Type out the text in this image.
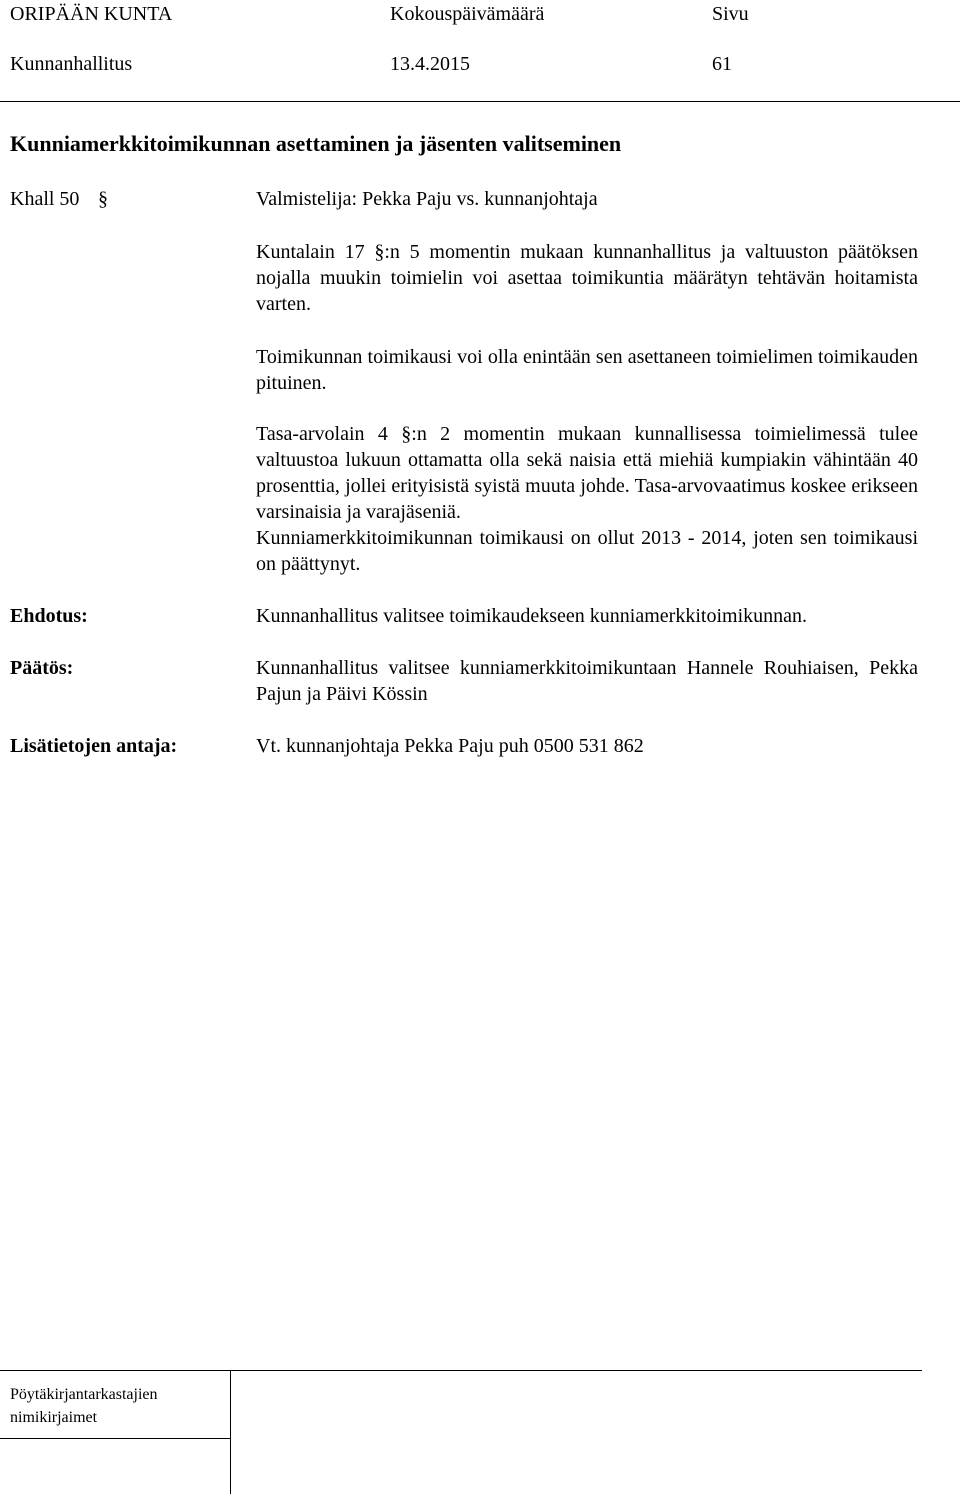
ORIPÄÄN KUNTA	Kokouspäivämäärä	Sivu
Kunnanhallitus	13.4.2015	61
Kunniamerkkitoimikunnan asettaminen ja jäsenten valitseminen
Khall 50 §	Valmistelija: Pekka Paju vs. kunnanjohtaja
Kuntalain 17 §:n 5 momentin mukaan kunnanhallitus ja valtuuston päätöksen nojalla muukin toimielin voi asettaa toimikuntia määrätyn tehtävän hoitamista varten.
Toimikunnan toimikausi voi olla enintään sen asettaneen toimielimen toimikauden pituinen.
Tasa-arvolain 4 §:n 2 momentin mukaan kunnallisessa toimielimessä tulee valtuustoa lukuun ottamatta olla sekä naisia että miehiä kumpiakin vähintään 40 prosenttia, jollei erityisistä syistä muuta johde. Tasa-arvovaatimus koskee erikseen varsinaisia ja varajäseniä.
Kunniamerkkitoimikunnan toimikausi on ollut 2013 - 2014, joten sen toimikausi on päättynyt.
Ehdotus:	Kunnanhallitus valitsee toimikaudekseen kunniamerkkitoimikunnan.
Päätös:	Kunnanhallitus valitsee kunniamerkkitoimikuntaan Hannele Rouhiaisen, Pekka Pajun ja Päivi Kössin
Lisätietojen antaja:	Vt. kunnanjohtaja Pekka Paju puh 0500 531 862
Pöytäkirjantarkastajien
nimikirjaimet
